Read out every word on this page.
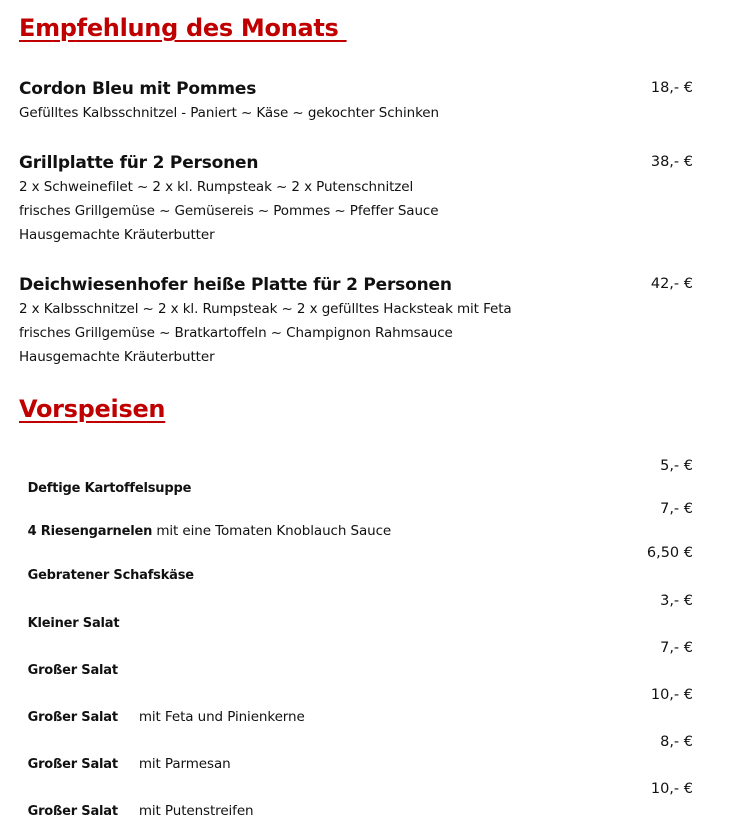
Empfehlung des Monats
Cordon Bleu mit Pommes
Gefülltes Kalbsschnitzel - Paniert ~ Käse ~ gekochter Schinken
18,- €
Grillplatte für 2 Personen
2 x Schweinefilet ~ 2 x kl. Rumpsteak ~ 2 x Putenschnitzel
frisches Grillgemüse ~ Gemüsereis ~ Pommes ~ Pfeffer Sauce
Hausgemachte Kräuterbutter
38,- €
Deichwiesenhofer heiße Platte für 2 Personen
2 x Kalbsschnitzel ~ 2 x kl. Rumpsteak ~ 2 x gefülltes Hacksteak mit Feta
frisches Grillgemüse ~ Bratkartoffeln ~ Champignon Rahmsauce
Hausgemachte Kräuterbutter
42,- €
Vorspeisen

Deftige Kartoffelsuppe

5,- €

4 Riesengarnelen mit eine Tomaten Knoblauch Sauce

7,- €

Gebratener Schafskäse

6,50 €

Kleiner Salat

3,- €

Großer Salat

7,- €

Großer Salat     mit Feta und Pinienkerne

10,- €

Großer Salat     mit Parmesan

8,- €

Großer Salat     mit Putenstreifen

10,- €
